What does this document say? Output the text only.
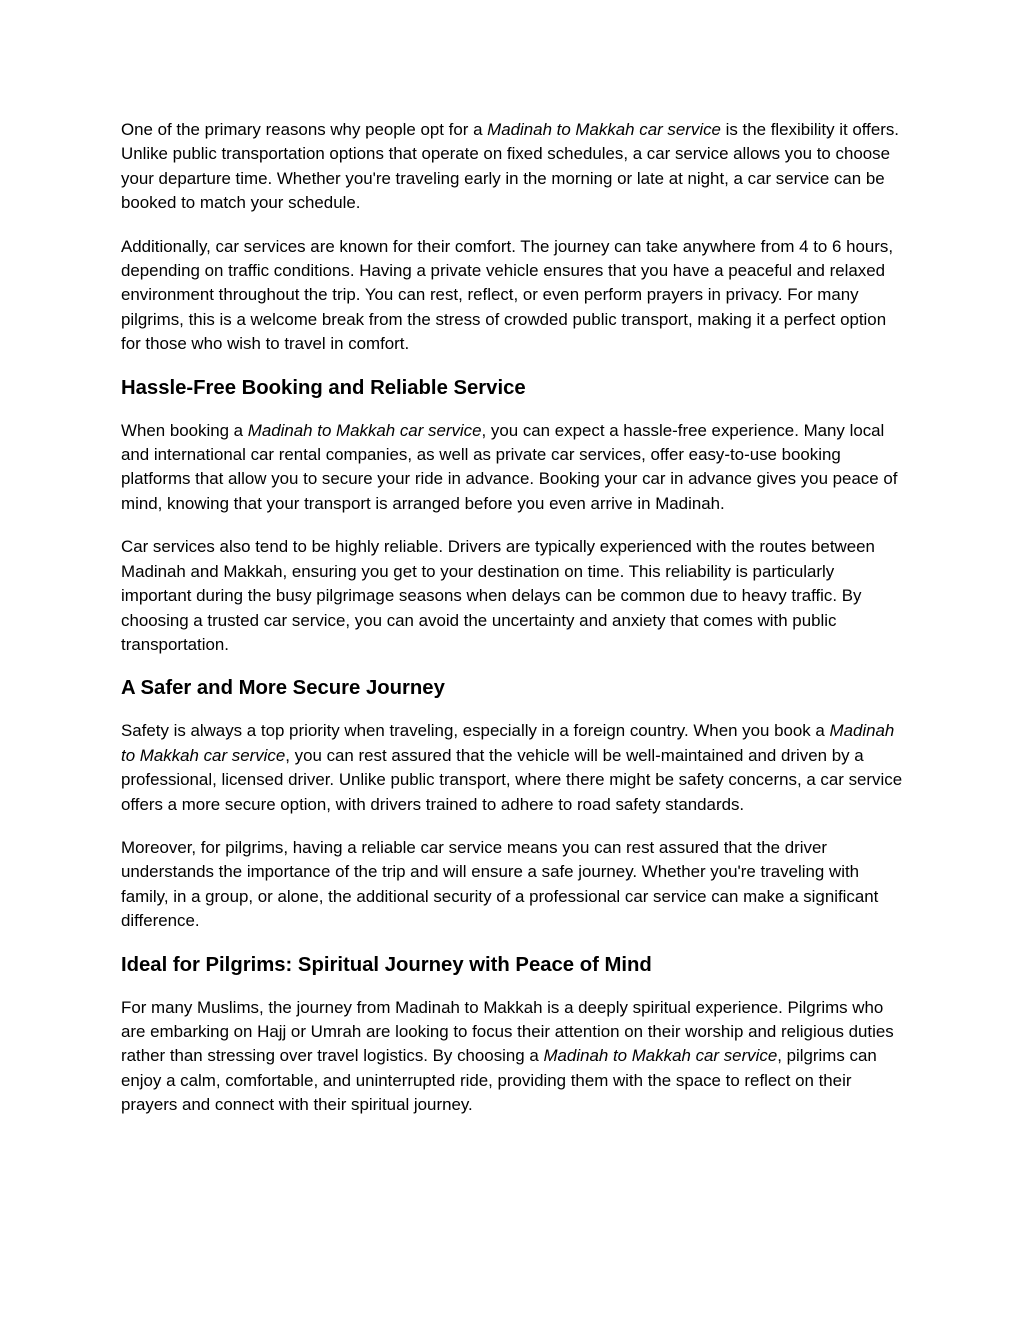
One of the primary reasons why people opt for a Madinah to Makkah car service is the flexibility it offers. Unlike public transportation options that operate on fixed schedules, a car service allows you to choose your departure time. Whether you're traveling early in the morning or late at night, a car service can be booked to match your schedule.

Additionally, car services are known for their comfort. The journey can take anywhere from 4 to 6 hours, depending on traffic conditions. Having a private vehicle ensures that you have a peaceful and relaxed environment throughout the trip. You can rest, reflect, or even perform prayers in privacy. For many pilgrims, this is a welcome break from the stress of crowded public transport, making it a perfect option for those who wish to travel in comfort.

Hassle-Free Booking and Reliable Service

When booking a Madinah to Makkah car service, you can expect a hassle-free experience. Many local and international car rental companies, as well as private car services, offer easy-to-use booking platforms that allow you to secure your ride in advance. Booking your car in advance gives you peace of mind, knowing that your transport is arranged before you even arrive in Madinah.

Car services also tend to be highly reliable. Drivers are typically experienced with the routes between Madinah and Makkah, ensuring you get to your destination on time. This reliability is particularly important during the busy pilgrimage seasons when delays can be common due to heavy traffic. By choosing a trusted car service, you can avoid the uncertainty and anxiety that comes with public transportation.

A Safer and More Secure Journey

Safety is always a top priority when traveling, especially in a foreign country. When you book a Madinah to Makkah car service, you can rest assured that the vehicle will be well-maintained and driven by a professional, licensed driver. Unlike public transport, where there might be safety concerns, a car service offers a more secure option, with drivers trained to adhere to road safety standards.

Moreover, for pilgrims, having a reliable car service means you can rest assured that the driver understands the importance of the trip and will ensure a safe journey. Whether you're traveling with family, in a group, or alone, the additional security of a professional car service can make a significant difference.

Ideal for Pilgrims: Spiritual Journey with Peace of Mind

For many Muslims, the journey from Madinah to Makkah is a deeply spiritual experience. Pilgrims who are embarking on Hajj or Umrah are looking to focus their attention on their worship and religious duties rather than stressing over travel logistics. By choosing a Madinah to Makkah car service, pilgrims can enjoy a calm, comfortable, and uninterrupted ride, providing them with the space to reflect on their prayers and connect with their spiritual journey.
